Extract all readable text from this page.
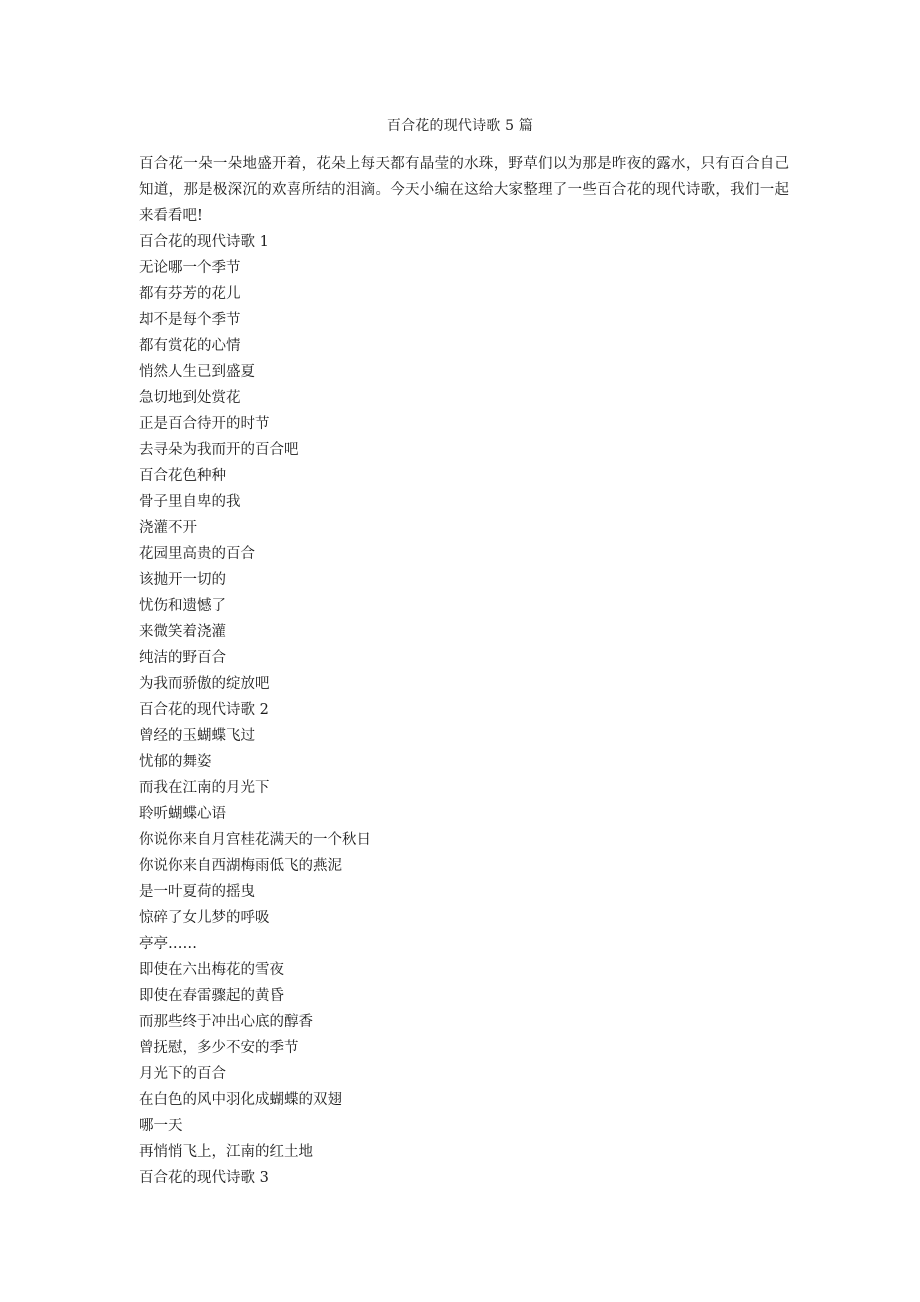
百合花的现代诗歌 5 篇

百合花一朵一朵地盛开着，花朵上每天都有晶莹的水珠，野草们以为那是昨夜的露水，只有百合自己知道，那是极深沉的欢喜所结的泪滴。今天小编在这给大家整理了一些百合花的现代诗歌，我们一起来看看吧!

百合花的现代诗歌 1

无论哪一个季节

都有芬芳的花儿

却不是每个季节

都有赏花的心情

悄然人生已到盛夏

急切地到处赏花

正是百合待开的时节

去寻朵为我而开的百合吧

百合花色种种

骨子里自卑的我

浇灌不开

花园里高贵的百合

该抛开一切的

忧伤和遗憾了

来微笑着浇灌

纯洁的野百合

为我而骄傲的绽放吧

百合花的现代诗歌 2

曾经的玉蝴蝶飞过

忧郁的舞姿

而我在江南的月光下

聆听蝴蝶心语

你说你来自月宫桂花满天的一个秋日

你说你来自西湖梅雨低飞的燕泥

是一叶夏荷的摇曳

惊碎了女儿梦的呼吸

亭亭……

即使在六出梅花的雪夜

即使在春雷骤起的黄昏

而那些终于冲出心底的醇香

曾抚慰，多少不安的季节

月光下的百合

在白色的风中羽化成蝴蝶的双翅

哪一天

再悄悄飞上，江南的红土地

百合花的现代诗歌 3
